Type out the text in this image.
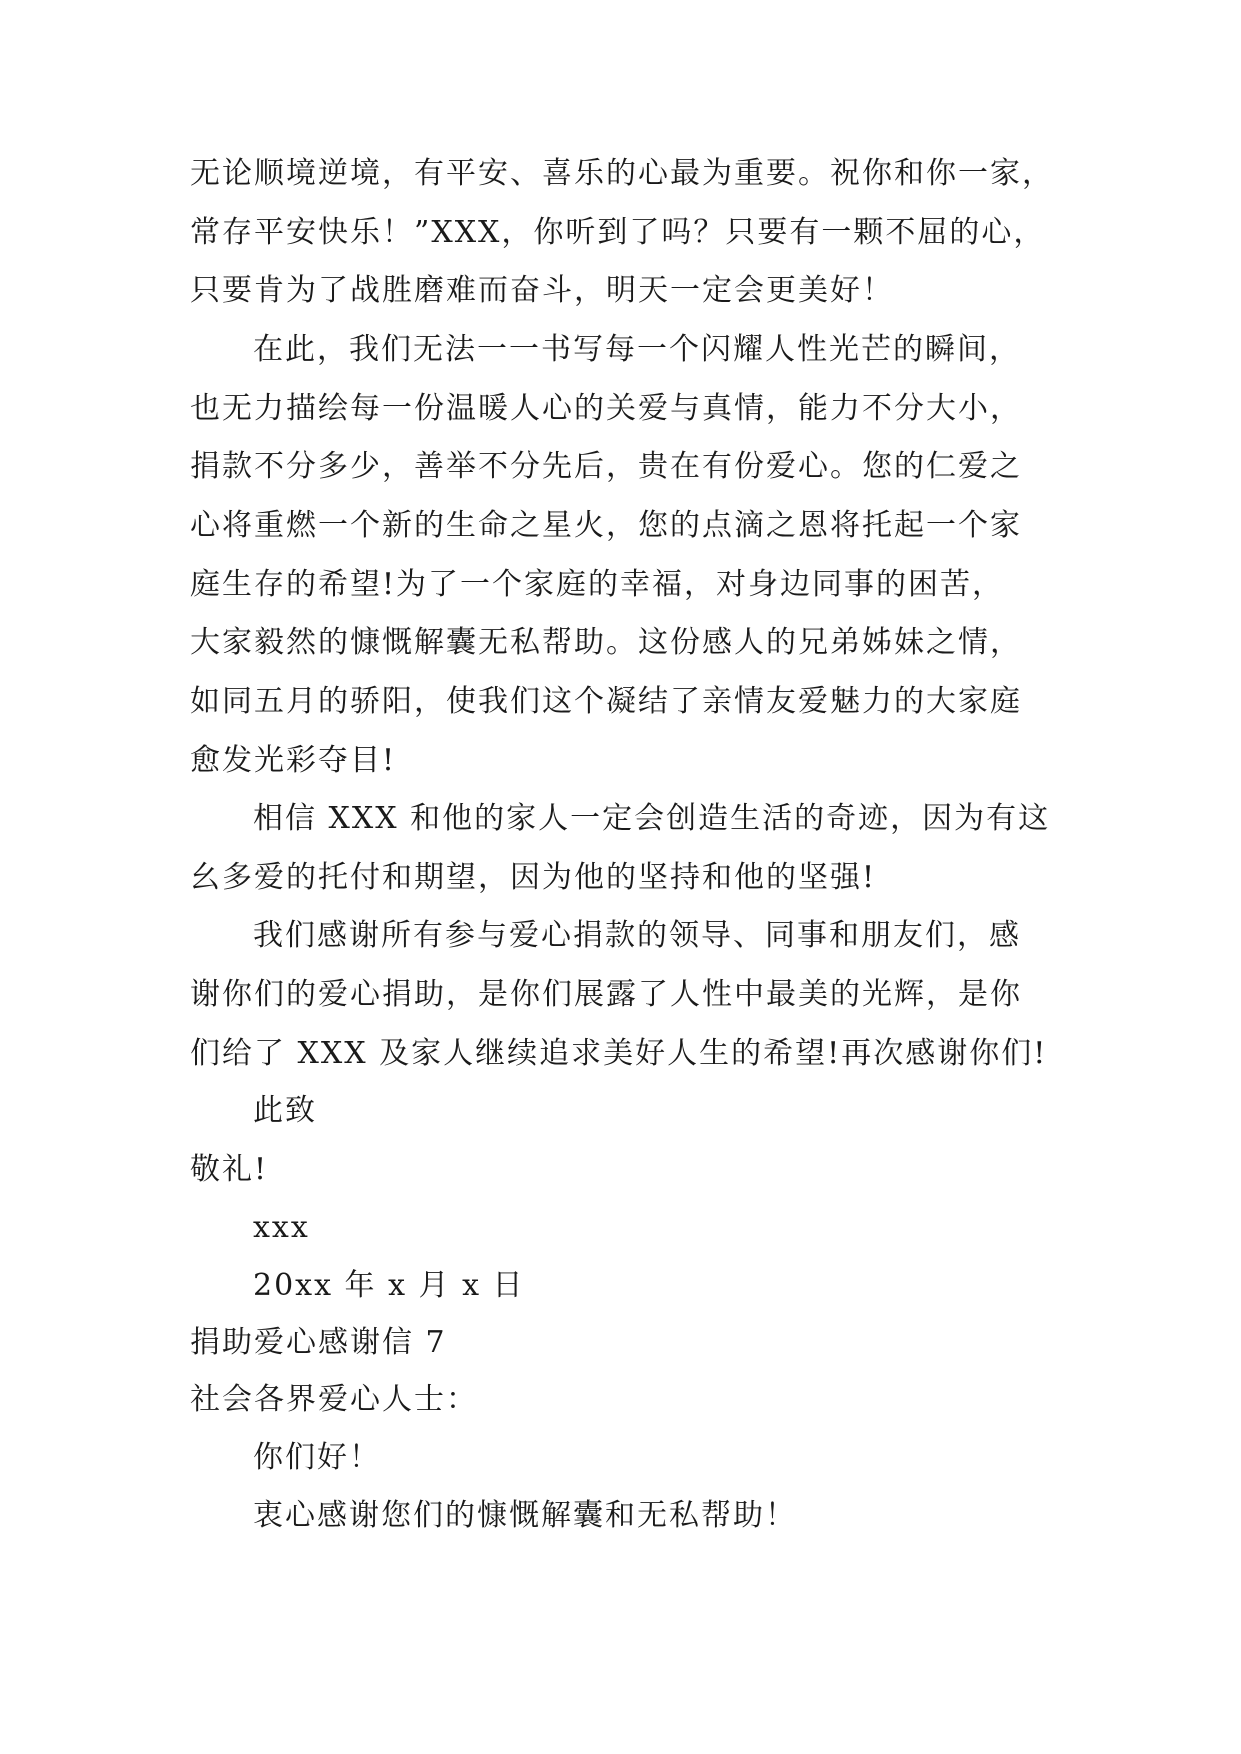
无论顺境逆境，有平安、喜乐的心最为重要。祝你和你一家，
常存平安快乐！”XXX，你听到了吗？只要有一颗不屈的心，
只要肯为了战胜磨难而奋斗，明天一定会更美好！
在此，我们无法一一书写每一个闪耀人性光芒的瞬间，
也无力描绘每一份温暖人心的关爱与真情，能力不分大小，
捐款不分多少，善举不分先后，贵在有份爱心。您的仁爱之
心将重燃一个新的生命之星火，您的点滴之恩将托起一个家
庭生存的希望!为了一个家庭的幸福，对身边同事的困苦，
大家毅然的慷慨解囊无私帮助。这份感人的兄弟姊妹之情，
如同五月的骄阳，使我们这个凝结了亲情友爱魅力的大家庭
愈发光彩夺目!
相信 XXX 和他的家人一定会创造生活的奇迹，因为有这
幺多爱的托付和期望，因为他的坚持和他的坚强!
我们感谢所有参与爱心捐款的领导、同事和朋友们，感
谢你们的爱心捐助，是你们展露了人性中最美的光辉，是你
们给了 XXX 及家人继续追求美好人生的希望!再次感谢你们!
此致
敬礼!
xxx
20xx 年 x 月 x 日
捐助爱心感谢信 7
社会各界爱心人士：
你们好！
衷心感谢您们的慷慨解囊和无私帮助！
